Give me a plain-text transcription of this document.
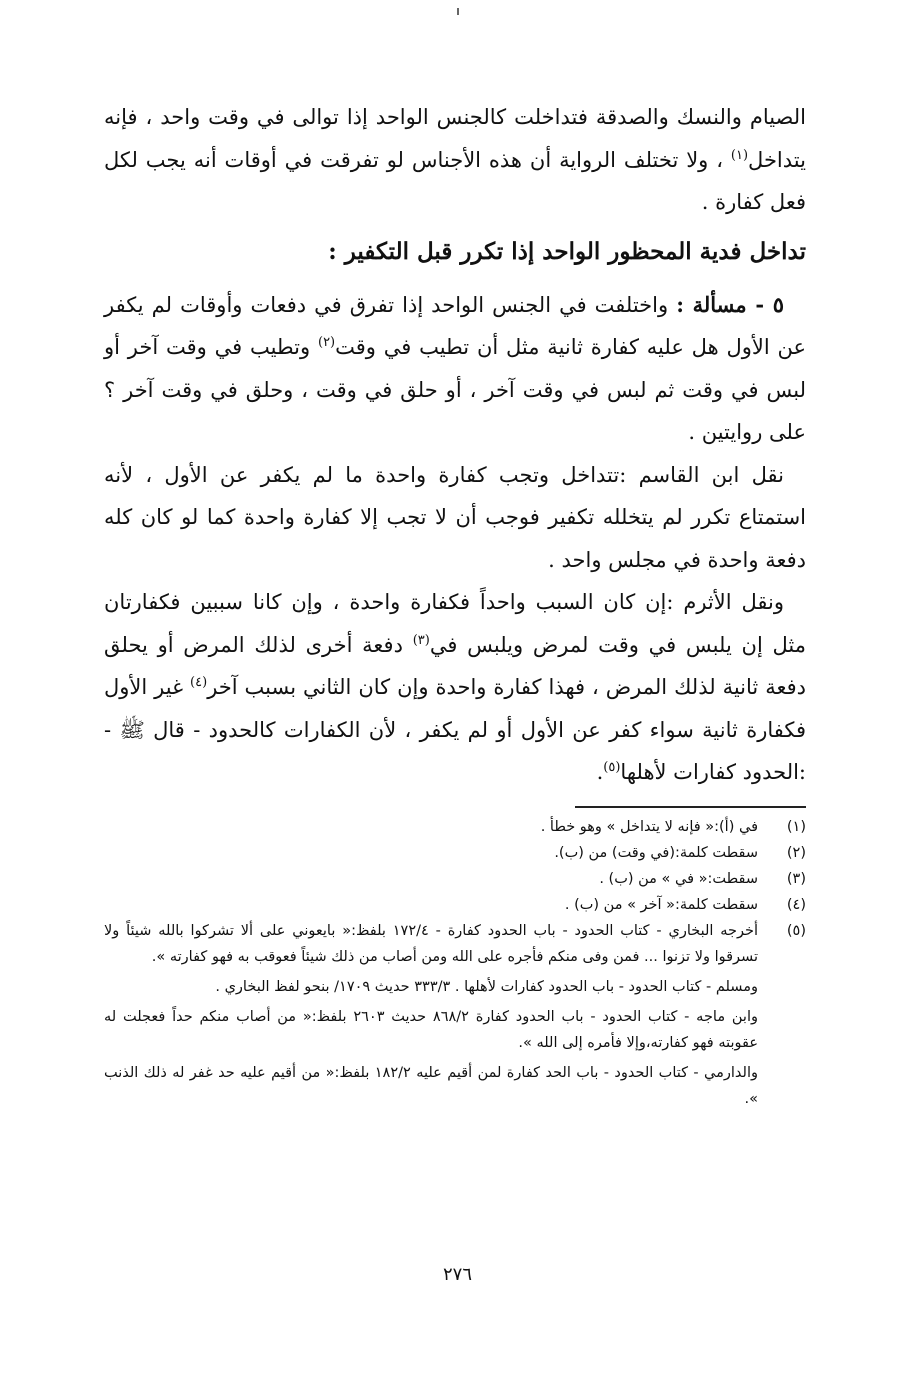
الصيام والنسك والصدقة فتداخلت كالجنس الواحد إذا توالى في وقت واحد ، فإنه يتداخل$^{(١)}$ ، ولا تختلف الرواية أن هذه الأجناس لو تفرقت في أوقات أنه يجب لكل فعل كفارة .

تداخل فدية المحظور الواحد إذا تكرر قبل التكفير :

٥ - مسألة : واختلفت في الجنس الواحد إذا تفرق في دفعات وأوقات لم يكفر عن الأول هل عليه كفارة ثانية مثل أن تطيب في وقت$^{(٢)}$ وتطيب في وقت آخر أو لبس في وقت ثم لبس في وقت آخر ، أو حلق في وقت ، وحلق في وقت آخر ؟ على روايتين .

نقل ابن القاسم :تتداخل وتجب كفارة واحدة ما لم يكفر عن الأول ، لأنه استمتاع تكرر لم يتخلله تكفير فوجب أن لا تجب إلا كفارة واحدة كما لو كان كله دفعة واحدة في مجلس واحد .

ونقل الأثرم :إن كان السبب واحداً فكفارة واحدة ، وإن كانا سببين فكفارتان مثل إن يلبس في وقت لمرض ويلبس في$^{(٣)}$ دفعة أخرى لذلك المرض أو يحلق دفعة ثانية لذلك المرض ، فهذا كفارة واحدة وإن كان الثاني بسبب آخر$^{(٤)}$ غير الأول فكفارة ثانية سواء كفر عن الأول أو لم يكفر ، لأن الكفارات كالحدود - قال ﷺ - :الحدود كفارات لأهلها$^{(٥)}$.

(١)
في (أ):« فإنه لا يتداخل » وهو خطأ .
(٢)
سقطت كلمة:(في وقت) من (ب).
(٣)
سقطت:« في » من (ب) .
(٤)
سقطت كلمة:« آخر » من (ب) .
(٥)
أخرجه البخاري - كتاب الحدود - باب الحدود كفارة - ١٧٢/٤ بلفظ:« بايعوني على ألا تشركوا بالله شيئاً ولا تسرقوا ولا تزنوا ... فمن وفى منكم فأجره على الله ومن أصاب من ذلك شيئاً فعوقب به فهو كفارته ».
ومسلم - كتاب الحدود - باب الحدود كفارات لأهلها . ٣٣٣/٣ حديث ١٧٠٩/ بنحو لفظ البخاري .
وابن ماجه - كتاب الحدود - باب الحدود كفارة ٨٦٨/٢ حديث ٢٦٠٣ بلفظ:« من أصاب منكم حداً فعجلت له عقوبته فهو كفارته،وإلا فأمره إلى الله ».
والدارمي - كتاب الحدود - باب الحد كفارة لمن أقيم عليه ١٨٢/٢ بلفظ:« من أقيم عليه حد غفر له ذلك الذنب ».
٢٧٦
